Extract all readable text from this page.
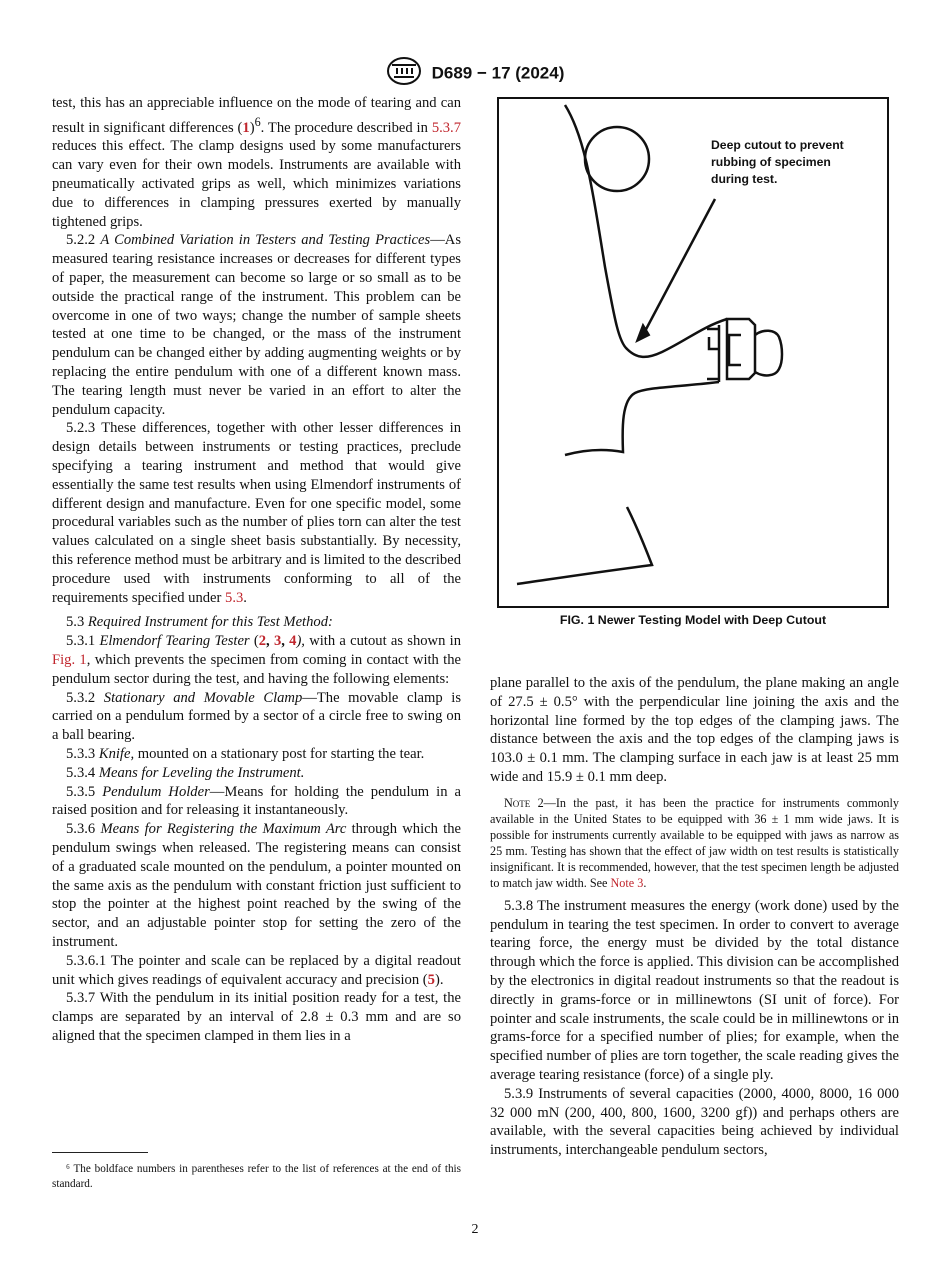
D689 − 17 (2024)

test, this has an appreciable influence on the mode of tearing and can result in significant differences $(1)^6$. The procedure described in 5.3.7 reduces this effect. The clamp designs used by some manufacturers can vary even for their own models. Instruments are available with pneumatically activated grips as well, which minimizes variations due to differences in clamping pressures exerted by manually tightened grips.

5.2.2 A Combined Variation in Testers and Testing Practices—As measured tearing resistance increases or decreases for different types of paper, the measurement can become so large or so small as to be outside the practical range of the instrument. This problem can be overcome in one of two ways; change the number of sample sheets tested at one time to be changed, or the mass of the instrument pendulum can be changed either by adding augmenting weights or by replacing the entire pendulum with one of a different known mass. The tearing length must never be varied in an effort to alter the pendulum capacity.

5.2.3 These differences, together with other lesser differences in design details between instruments or testing practices, preclude specifying a tearing instrument and method that would give essentially the same test results when using Elmendorf instruments of different design and manufacture. Even for one specific model, some procedural variables such as the number of plies torn can alter the test values calculated on a single sheet basis substantially. By necessity, this reference method must be arbitrary and is limited to the described procedure used with instruments conforming to all of the requirements specified under 5.3.

5.3 Required Instrument for this Test Method:

5.3.1 Elmendorf Tearing Tester (2, 3, 4), with a cutout as shown in Fig. 1, which prevents the specimen from coming in contact with the pendulum sector during the test, and having the following elements:

5.3.2 Stationary and Movable Clamp—The movable clamp is carried on a pendulum formed by a sector of a circle free to swing on a ball bearing.

5.3.3 Knife, mounted on a stationary post for starting the tear.

5.3.4 Means for Leveling the Instrument.

5.3.5 Pendulum Holder—Means for holding the pendulum in a raised position and for releasing it instantaneously.

5.3.6 Means for Registering the Maximum Arc through which the pendulum swings when released. The registering means can consist of a graduated scale mounted on the pendulum, a pointer mounted on the same axis as the pendulum with constant friction just sufficient to stop the pointer at the highest point reached by the swing of the sector, and an adjustable pointer stop for setting the zero of the instrument.

5.3.6.1 The pointer and scale can be replaced by a digital readout unit which gives readings of equivalent accuracy and precision (5).

5.3.7 With the pendulum in its initial position ready for a test, the clamps are separated by an interval of 2.8 ± 0.3 mm and are so aligned that the specimen clamped in them lies in a

Deep cutout to prevent
rubbing of specimen
during test.
FIG. 1 Newer Testing Model with Deep Cutout

plane parallel to the axis of the pendulum, the plane making an angle of 27.5 ± 0.5° with the perpendicular line joining the axis and the horizontal line formed by the top edges of the clamping jaws. The distance between the axis and the top edges of the clamping jaws is 103.0 ± 0.1 mm. The clamping surface in each jaw is at least 25 mm wide and 15.9 ± 0.1 mm deep.

Note 2—In the past, it has been the practice for instruments commonly available in the United States to be equipped with 36 ± 1 mm wide jaws. It is possible for instruments currently available to be equipped with jaws as narrow as 25 mm. Testing has shown that the effect of jaw width on test results is statistically insignificant. It is recommended, however, that the test specimen length be adjusted to match jaw width. See Note 3.

5.3.8 The instrument measures the energy (work done) used by the pendulum in tearing the test specimen. In order to convert to average tearing force, the energy must be divided by the total distance through which the force is applied. This division can be accomplished by the electronics in digital readout instruments so that the readout is directly in grams-force or in millinewtons (SI unit of force). For pointer and scale instruments, the scale could be in millinewtons or in grams-force for a specified number of plies; for example, when the specified number of plies are torn together, the scale reading gives the average tearing resistance (force) of a single ply.

5.3.9 Instruments of several capacities (2000, 4000, 8000, 16 000 32 000 mN (200, 400, 800, 1600, 3200 gf)) and perhaps others are available, with the several capacities being achieved by individual instruments, interchangeable pendulum sectors,

⁶ The boldface numbers in parentheses refer to the list of references at the end of this standard.

2
